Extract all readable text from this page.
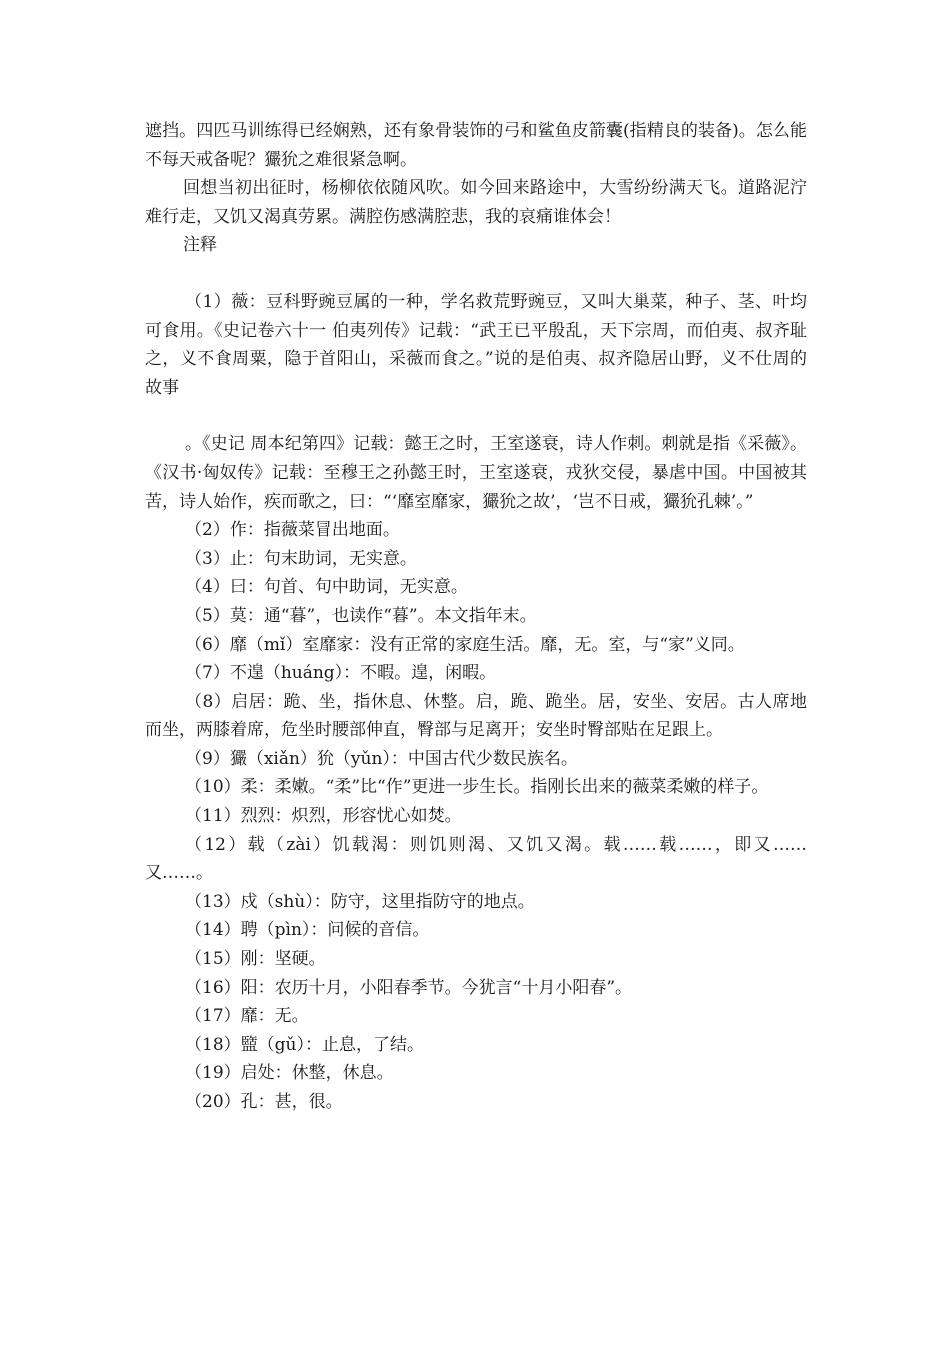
遮挡。四匹马训练得已经娴熟，还有象骨装饰的弓和鲨鱼皮箭囊(指精良的装备)。怎么能不每天戒备呢？玁狁之难很紧急啊。

回想当初出征时，杨柳依依随风吹。如今回来路途中，大雪纷纷满天飞。道路泥泞难行走，又饥又渴真劳累。满腔伤感满腔悲，我的哀痛谁体会！

注释

（1）薇：豆科野豌豆属的一种，学名救荒野豌豆，又叫大巢菜，种子、茎、叶均可食用。《史记卷六十一 伯夷列传》记载：“武王已平殷乱，天下宗周，而伯夷、叔齐耻之，义不食周粟，隐于首阳山，采薇而食之。”说的是伯夷、叔齐隐居山野，义不仕周的故事

。《史记 周本纪第四》记载：懿王之时，王室遂衰，诗人作刺。刺就是指《采薇》。《汉书·匈奴传》记载：至穆王之孙懿王时，王室遂衰，戎狄交侵，暴虐中国。中国被其苦，诗人始作，疾而歌之，曰：“‘靡室靡家，玁狁之故’，‘岂不日戒，玁狁孔棘’。”

（2）作：指薇菜冒出地面。

（3）止：句末助词，无实意。

（4）曰：句首、句中助词，无实意。

（5）莫：通“暮”，也读作“暮”。本文指年末。

（6）靡（mǐ）室靡家：没有正常的家庭生活。靡，无。室，与“家”义同。

（7）不遑（huáng）：不暇。遑，闲暇。

（8）启居：跪、坐，指休息、休整。启，跪、跪坐。居，安坐、安居。古人席地而坐，两膝着席，危坐时腰部伸直，臀部与足离开；安坐时臀部贴在足跟上。

（9）玁（xiǎn）狁（yǔn）：中国古代少数民族名。

（10）柔：柔嫩。“柔”比“作”更进一步生长。指刚长出来的薇菜柔嫩的样子。

（11）烈烈：炽烈，形容忧心如焚。

（12）载（zài）饥载渴：则饥则渴、又饥又渴。载……载……，即又……又……。

（13）戍（shù）：防守，这里指防守的地点。

（14）聘（pìn）：问候的音信。

（15）刚：坚硬。

（16）阳：农历十月，小阳春季节。今犹言“十月小阳春”。

（17）靡：无。

（18）盬（gǔ）：止息，了结。

（19）启处：休整，休息。

（20）孔：甚，很。
